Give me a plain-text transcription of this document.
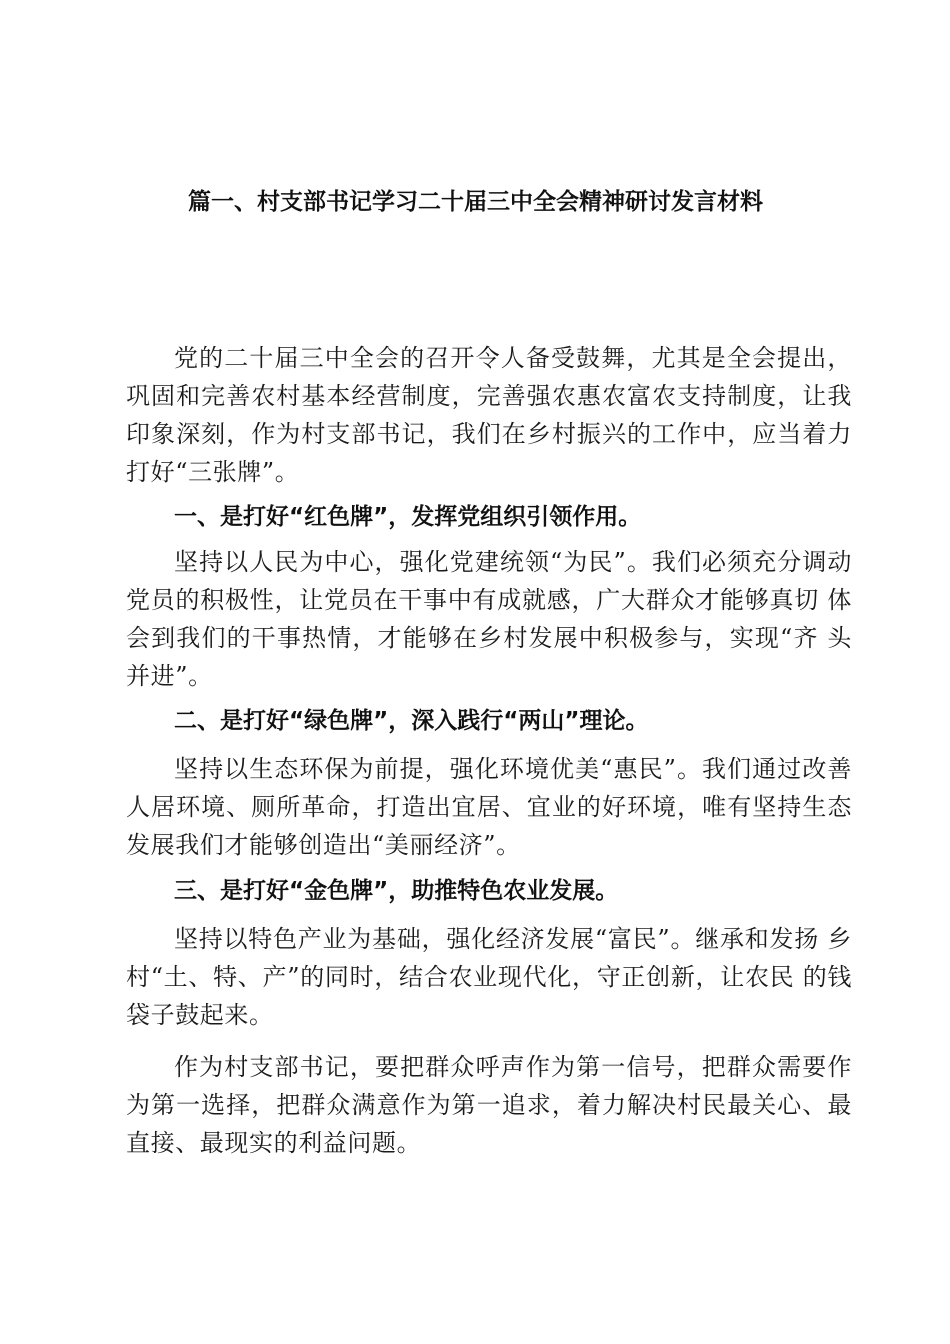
篇一、村支部书记学习二十届三中全会精神研讨发言材料

党的二十届三中全会的召开令人备受鼓舞，尤其是全会提出，巩固和完善农村基本经营制度，完善强农惠农富农支持制度，让我印象深刻，作为村支部书记，我们在乡村振兴的工作中，应当着力打好“三张牌”。

一、是打好“红色牌”，发挥党组织引领作用。

坚持以人民为中心，强化党建统领“为民”。我们必须充分调动党员的积极性，让党员在干事中有成就感，广大群众才能够真切 体会到我们的干事热情，才能够在乡村发展中积极参与，实现“齐 头并进”。

二、是打好“绿色牌”，深入践行“两山”理论。

坚持以生态环保为前提，强化环境优美“惠民”。我们通过改善人居环境、厕所革命，打造出宜居、宜业的好环境，唯有坚持生态发展我们才能够创造出“美丽经济”。

三、是打好“金色牌”，助推特色农业发展。

坚持以特色产业为基础，强化经济发展“富民”。继承和发扬 乡村“土、特、产”的同时，结合农业现代化，守正创新，让农民 的钱袋子鼓起来。

作为村支部书记，要把群众呼声作为第一信号，把群众需要作 为第一选择，把群众满意作为第一追求，着力解决村民最关心、最 直接、最现实的利益问题。
